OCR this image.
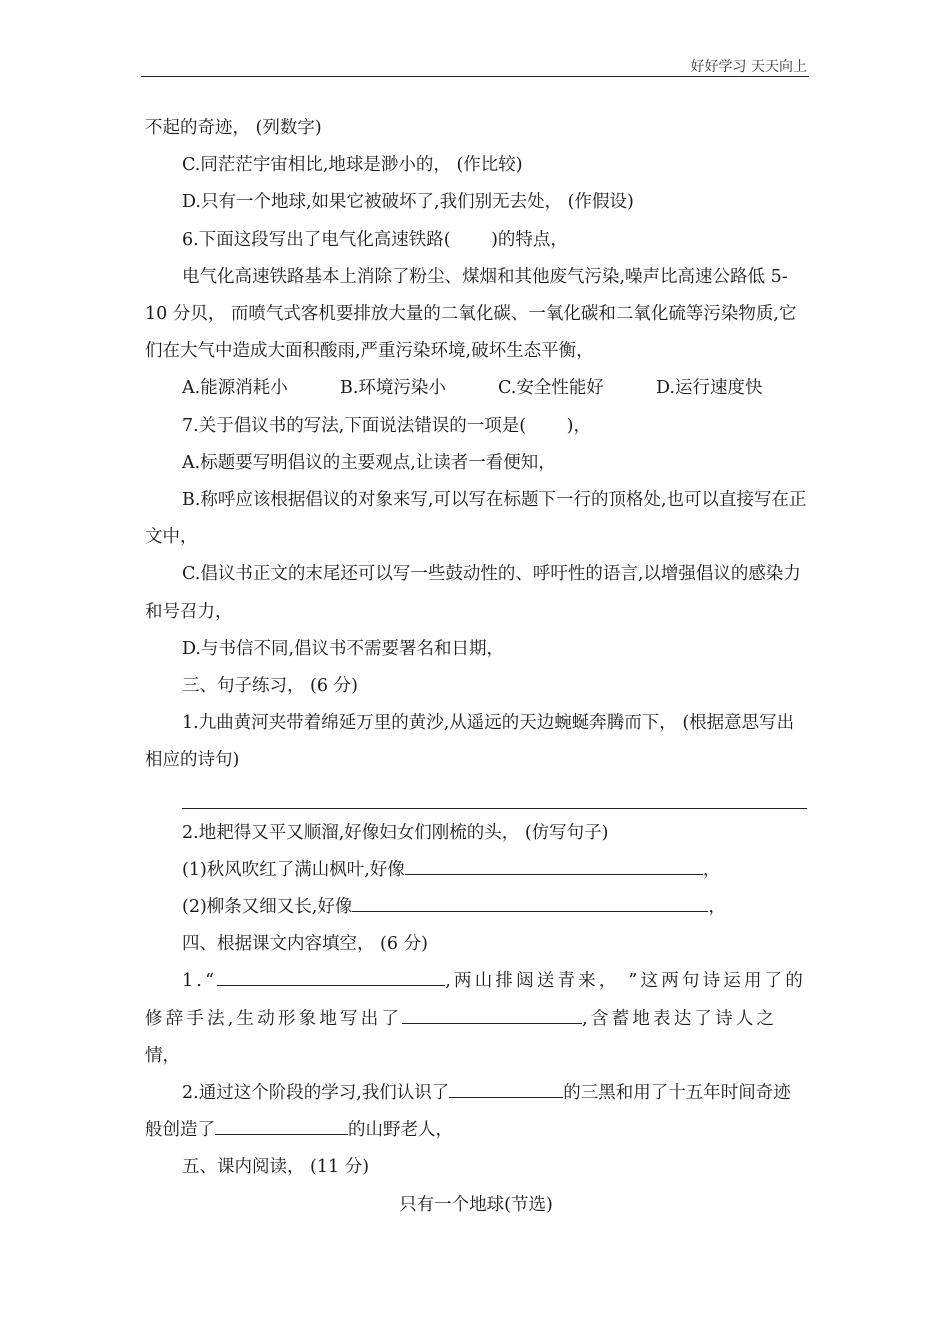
好好学习 天天向上

不起的奇迹， (列数字)

C.同茫茫宇宙相比,地球是渺小的， (作比较)

D.只有一个地球,如果它被破坏了,我们别无去处， (作假设)

6.下面这段写出了电气化高速铁路(　　 )的特点，

电气化高速铁路基本上消除了粉尘、煤烟和其他废气污染,噪声比高速公路低 5-10 分贝， 而喷气式客机要排放大量的二氧化碳、一氧化碳和二氧化硫等污染物质,它们在大气中造成大面积酸雨,严重污染环境,破坏生态平衡，

A.能源消耗小	B.环境污染小	C.安全性能好	D.运行速度快

7.关于倡议书的写法,下面说法错误的一项是(　　 )，

A.标题要写明倡议的主要观点,让读者一看便知，

B.称呼应该根据倡议的对象来写,可以写在标题下一行的顶格处,也可以直接写在正文中，

C.倡议书正文的末尾还可以写一些鼓动性的、呼吁性的语言,以增强倡议的感染力和号召力，

D.与书信不同,倡议书不需要署名和日期，

三、句子练习， (6 分)

1.九曲黄河夹带着绵延万里的黄沙,从遥远的天边蜿蜒奔腾而下， (根据意思写出相应的诗句)

2.地耙得又平又顺溜,好像妇女们刚梳的头， (仿写句子)

(1)秋风吹红了满山枫叶,好像	，

(2)柳条又细又长,好像	，

四、根据课文内容填空， (6 分)

1.“	,两山排闼送青来， ”这两句诗运用了的修辞手法,生动形象地写出了	,含蓄地表达了诗人之情，

2.通过这个阶段的学习,我们认识了	的三黑和用了十五年时间奇迹般创造了	的山野老人，

五、课内阅读， (11 分)

只有一个地球(节选)
